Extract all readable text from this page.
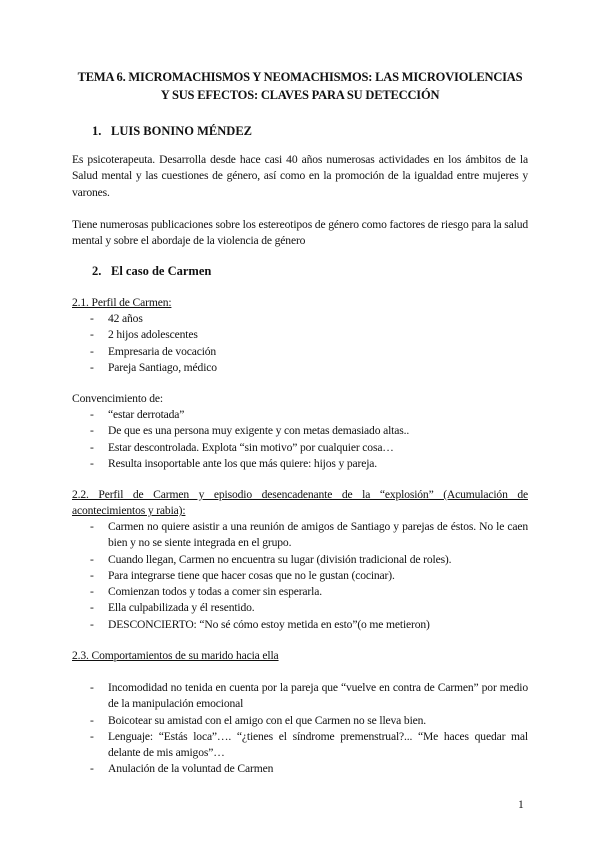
TEMA 6. MICROMACHISMOS Y NEOMACHISMOS: LAS MICROVIOLENCIAS
Y SUS EFECTOS: CLAVES PARA SU DETECCIÓN
1. LUIS BONINO MÉNDEZ
Es psicoterapeuta. Desarrolla desde hace casi 40 años numerosas actividades en los ámbitos de la Salud mental y las cuestiones de género, así como en la promoción de la igualdad entre mujeres y varones.
Tiene numerosas publicaciones sobre los estereotipos de género como factores de riesgo para la salud mental y sobre el abordaje de la violencia de género
2. El caso de Carmen
2.1. Perfil de Carmen:
- 42 años
- 2 hijos adolescentes
- Empresaria de vocación
- Pareja Santiago, médico
Convencimiento de:
- “estar derrotada”
- De que es una persona muy exigente y con metas demasiado altas..
- Estar descontrolada. Explota “sin motivo” por cualquier cosa…
- Resulta insoportable ante los que más quiere: hijos y pareja.
2.2. Perfil de Carmen y episodio desencadenante de la “explosión” (Acumulación de acontecimientos y rabia):
- Carmen no quiere asistir a una reunión de amigos de Santiago y parejas de éstos. No le caen bien y no se siente integrada en el grupo.
- Cuando llegan, Carmen no encuentra su lugar (división tradicional de roles).
- Para integrarse tiene que hacer cosas que no le gustan (cocinar).
- Comienzan todos y todas a comer sin esperarla.
- Ella culpabilizada y él resentido.
- DESCONCIERTO: “No sé cómo estoy metida en esto”(o me metieron)
2.3. Comportamientos de su marido hacia ella
- Incomodidad no tenida en cuenta por la pareja que “vuelve en contra de Carmen” por medio de la manipulación emocional
- Boicotear su amistad con el amigo con el que Carmen no se lleva bien.
- Lenguaje: “Estás loca”…. “¿tienes el síndrome premenstrual?... “Me haces quedar mal delante de mis amigos”…
- Anulación de la voluntad de Carmen
1
